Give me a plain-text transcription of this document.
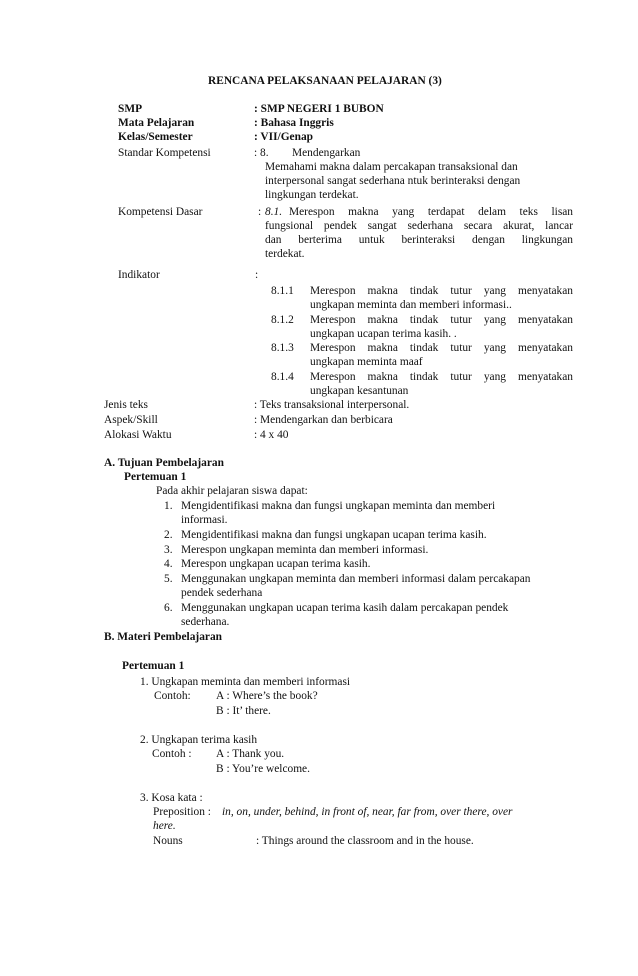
RENCANA PELAKSANAAN PELAJARAN (3)
SMP	: SMP NEGERI 1 BUBON
Mata Pelajaran	: Bahasa Inggris
Kelas/Semester	: VII/Genap
Standar Kompetensi	: 8. Mendengarkan
Memahami makna dalam percakapan transaksional dan
interpersonal sangat sederhana ntuk berinteraksi dengan
lingkungan terdekat.
Kompetensi Dasar	: 8.1. Merespon makna yang terdapat delam teks lisan
fungsional pendek sangat sederhana secara akurat, lancar
dan berterima untuk berinteraksi dengan lingkungan
terdekat.
Indikator	:
8.1.1 Merespon makna tindak tutur yang menyatakan
ungkapan meminta dan memberi informasi..
8.1.2 Merespon makna tindak tutur yang menyatakan
ungkapan ucapan terima kasih. .
8.1.3 Merespon makna tindak tutur yang menyatakan
ungkapan meminta maaf
8.1.4 Merespon makna tindak tutur yang menyatakan
ungkapan kesantunan
Jenis teks	: Teks transaksional interpersonal.
Aspek/Skill	: Mendengarkan dan berbicara
Alokasi Waktu	: 4 x 40
A. Tujuan Pembelajaran
Pertemuan 1
Pada akhir pelajaran siswa dapat:
1. Mengidentifikasi makna dan fungsi ungkapan meminta dan memberi
informasi.
2. Mengidentifikasi makna dan fungsi ungkapan ucapan terima kasih.
3. Merespon ungkapan meminta dan memberi informasi.
4. Merespon ungkapan ucapan terima kasih.
5. Menggunakan ungkapan meminta dan memberi informasi dalam percakapan
pendek sederhana
6. Menggunakan ungkapan ucapan terima kasih dalam percakapan pendek
sederhana.
B. Materi Pembelajaran
Pertemuan 1
1. Ungkapan meminta dan memberi informasi
Contoh: A : Where’s the book?
B : It’ there.
2. Ungkapan terima kasih
Contoh : A : Thank you.
B : You’re welcome.
3. Kosa kata :
Preposition : in, on, under, behind, in front of, near, far from, over there, over
here.
Nouns	: Things around the classroom and in the house.
